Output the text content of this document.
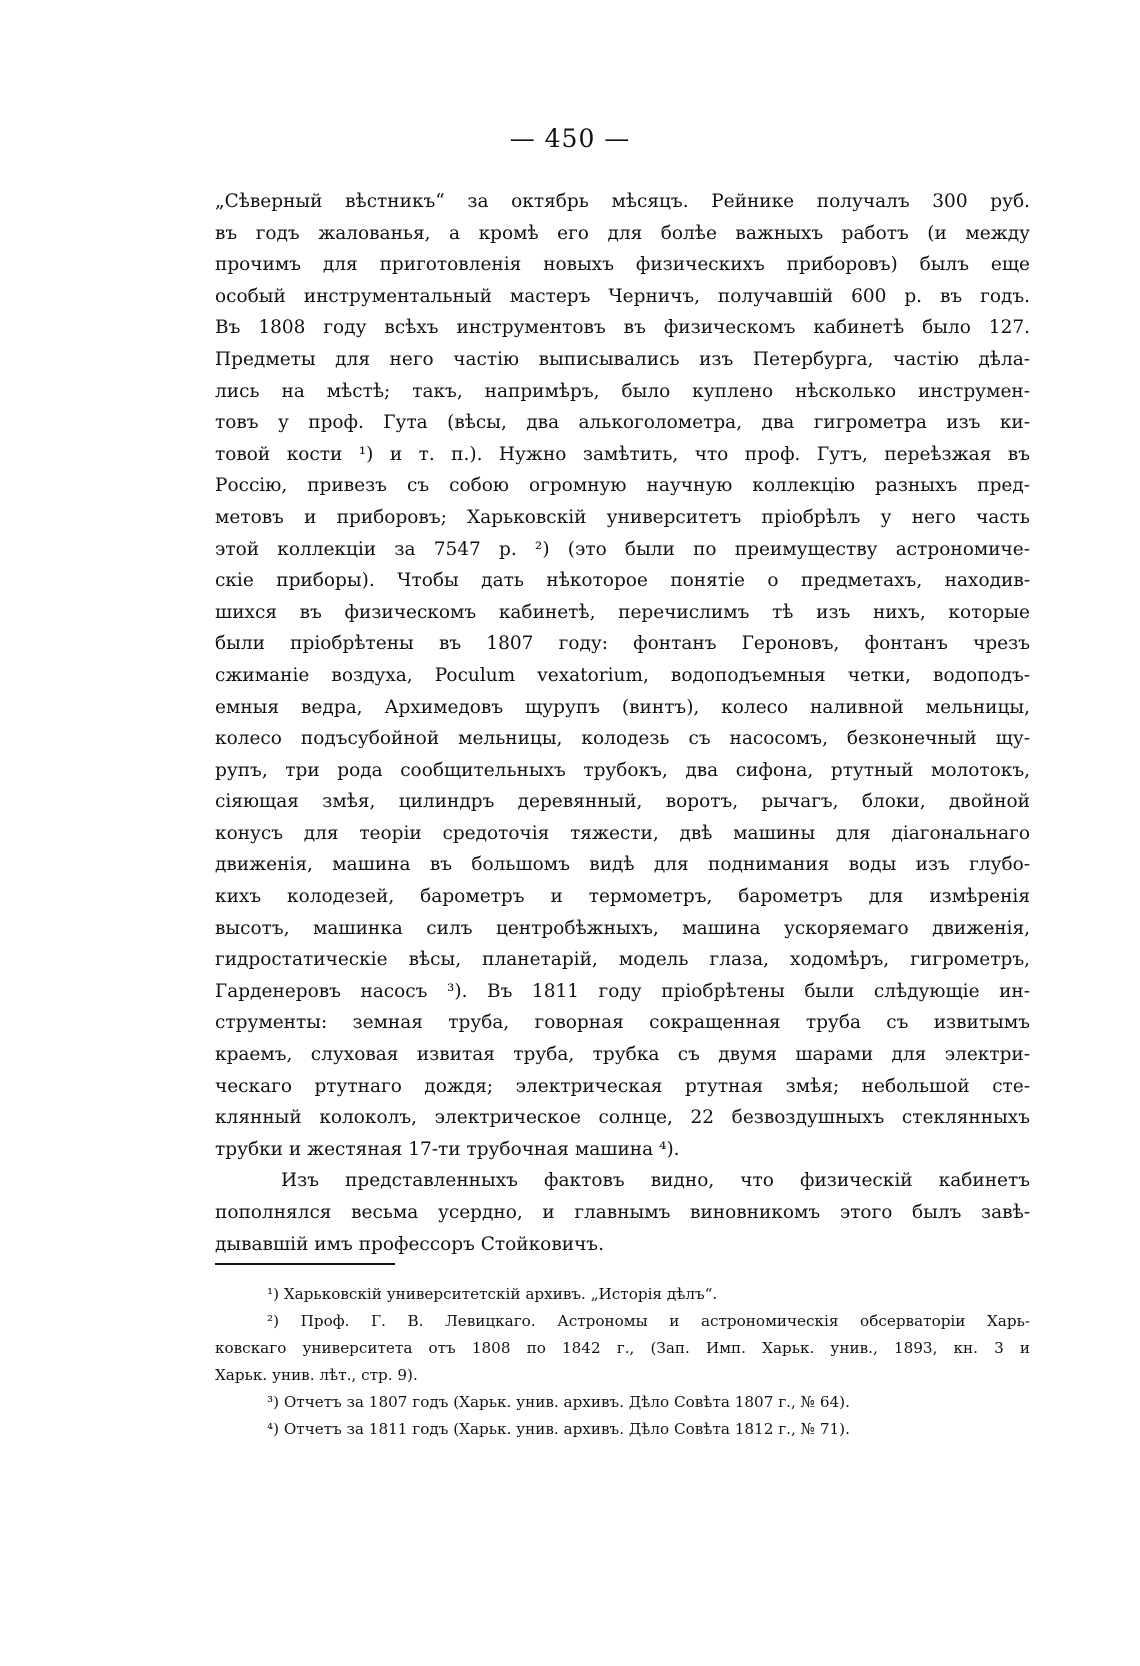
— 450 —
„Сѣверный вѣстникъ“ за октябрь мѣсяцъ. Рейнике получалъ 300 руб.
въ годъ жалованья, а кромѣ его для болѣе важныхъ работъ (и между
прочимъ для приготовленія новыхъ физическихъ приборовъ) былъ еще
особый инструментальный мастеръ Черничъ, получавшій 600 р. въ годъ.
Въ 1808 году всѣхъ инструментовъ въ физическомъ кабинетѣ было 127.
Предметы для него частію выписывались изъ Петербурга, частію дѣла-
лись на мѣстѣ; такъ, напримѣръ, было куплено нѣсколько инструмен-
товъ у проф. Гута (вѣсы, два алькоголометра, два гигрометра изъ ки-
товой кости ¹) и т. п.). Нужно замѣтить, что проф. Гутъ, переѣзжая въ
Россію, привезъ съ собою огромную научную коллекцію разныхъ пред-
метовъ и приборовъ; Харьковскій университетъ пріобрѣлъ у него часть
этой коллекціи за 7547 р. ²) (это были по преимуществу астрономиче-
скіе приборы). Чтобы дать нѣкоторое понятіе о предметахъ, находив-
шихся въ физическомъ кабинетѣ, перечислимъ тѣ изъ нихъ, которые
были пріобрѣтены въ 1807 году: фонтанъ Героновъ, фонтанъ чрезъ
сжиманіе воздуха, Poculum vexatorium, водоподъемныя четки, водоподъ-
емныя ведра, Архимедовъ щурупъ (винтъ), колесо наливной мельницы,
колесо подъсубойной мельницы, колодезь съ насосомъ, безконечный щу-
рупъ, три рода сообщительныхъ трубокъ, два сифона, ртутный молотокъ,
сіяющая змѣя, цилиндръ деревянный, воротъ, рычагъ, блоки, двойной
конусъ для теоріи средоточія тяжести, двѣ машины для діагональнаго
движенія, машина въ большомъ видѣ для поднимания воды изъ глубо-
кихъ колодезей, барометръ и термометръ, барометръ для измѣренія
высотъ, машинка силъ центробѣжныхъ, машина ускоряемаго движенія,
гидростатическіе вѣсы, планетарій, модель глаза, ходомѣръ, гигрометръ,
Гарденеровъ насосъ ³). Въ 1811 году пріобрѣтены были слѣдующіе ин-
струменты: земная труба, говорная сокращенная труба съ извитымъ
краемъ, слуховая извитая труба, трубка съ двумя шарами для электри-
ческаго ртутнаго дождя; электрическая ртутная змѣя; небольшой сте-
клянный колоколъ, электрическое солнце, 22 безвоздушныхъ стеклянныхъ
трубки и жестяная 17-ти трубочная машина ⁴).
Изъ представленныхъ фактовъ видно, что физическій кабинетъ
пополнялся весьма усердно, и главнымъ виновникомъ этого былъ завѣ-
дывавшій имъ профессоръ Стойковичъ.
¹) Харьковскій университетскій архивъ. „Исторія дѣлъ“.
²) Проф. Г. В. Левицкаго. Астрономы и астрономическія обсерваторіи Харь-
ковскаго университета отъ 1808 по 1842 г., (Зап. Имп. Харьк. унив., 1893, кн. 3 и
Харьк. унив. лѣт., стр. 9).
³) Отчетъ за 1807 годъ (Харьк. унив. архивъ. Дѣло Совѣта 1807 г., № 64).
⁴) Отчетъ за 1811 годъ (Харьк. унив. архивъ. Дѣло Совѣта 1812 г., № 71).
